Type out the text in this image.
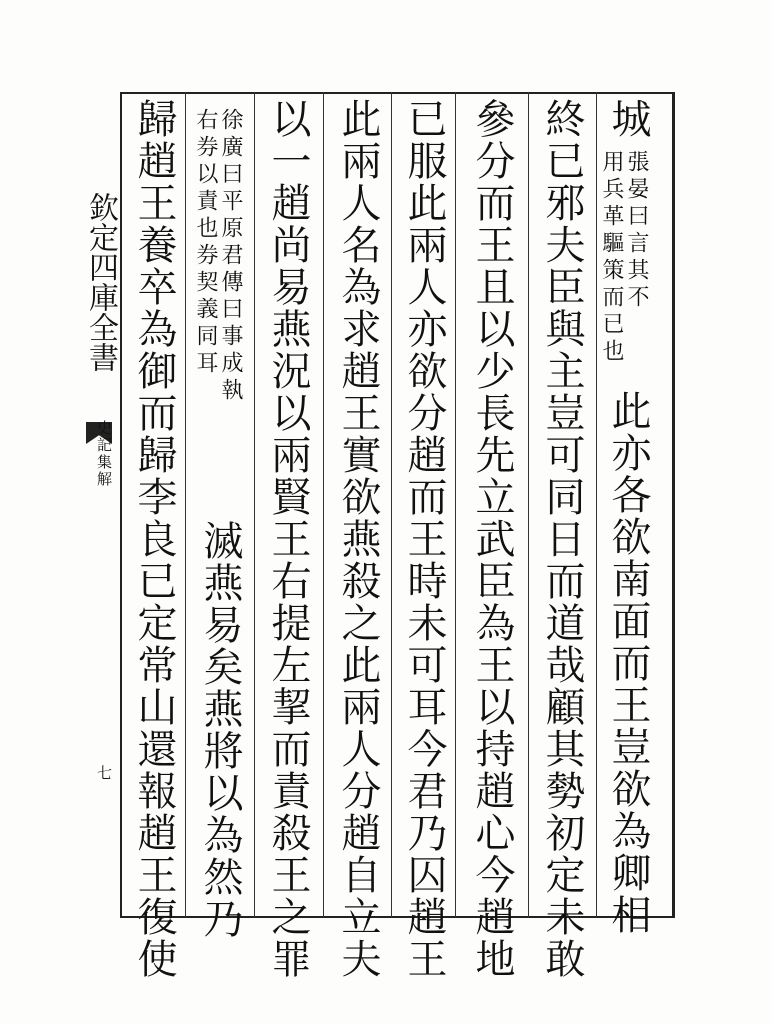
欽定四庫全書
史記集解
七
城
張晏曰言其不
用兵革驅策而已也
此亦各欲南面而王豈欲為卿相
終已邪夫臣與主豈可同日而道哉顧其勢初定未敢
參分而王且以少長先立武臣為王以持趙心今趙地
已服此兩人亦欲分趙而王時未可耳今君乃囚趙王
此兩人名為求趙王實欲燕殺之此兩人分趙自立夫
以一趙尚易燕況以兩賢王右提左挈而責殺王之罪
徐廣曰平原君傳曰事成執
右券以責也券契義同耳
滅燕易矣燕將以為然乃
歸趙王養卒為御而歸李良已定常山還報趙王復使
